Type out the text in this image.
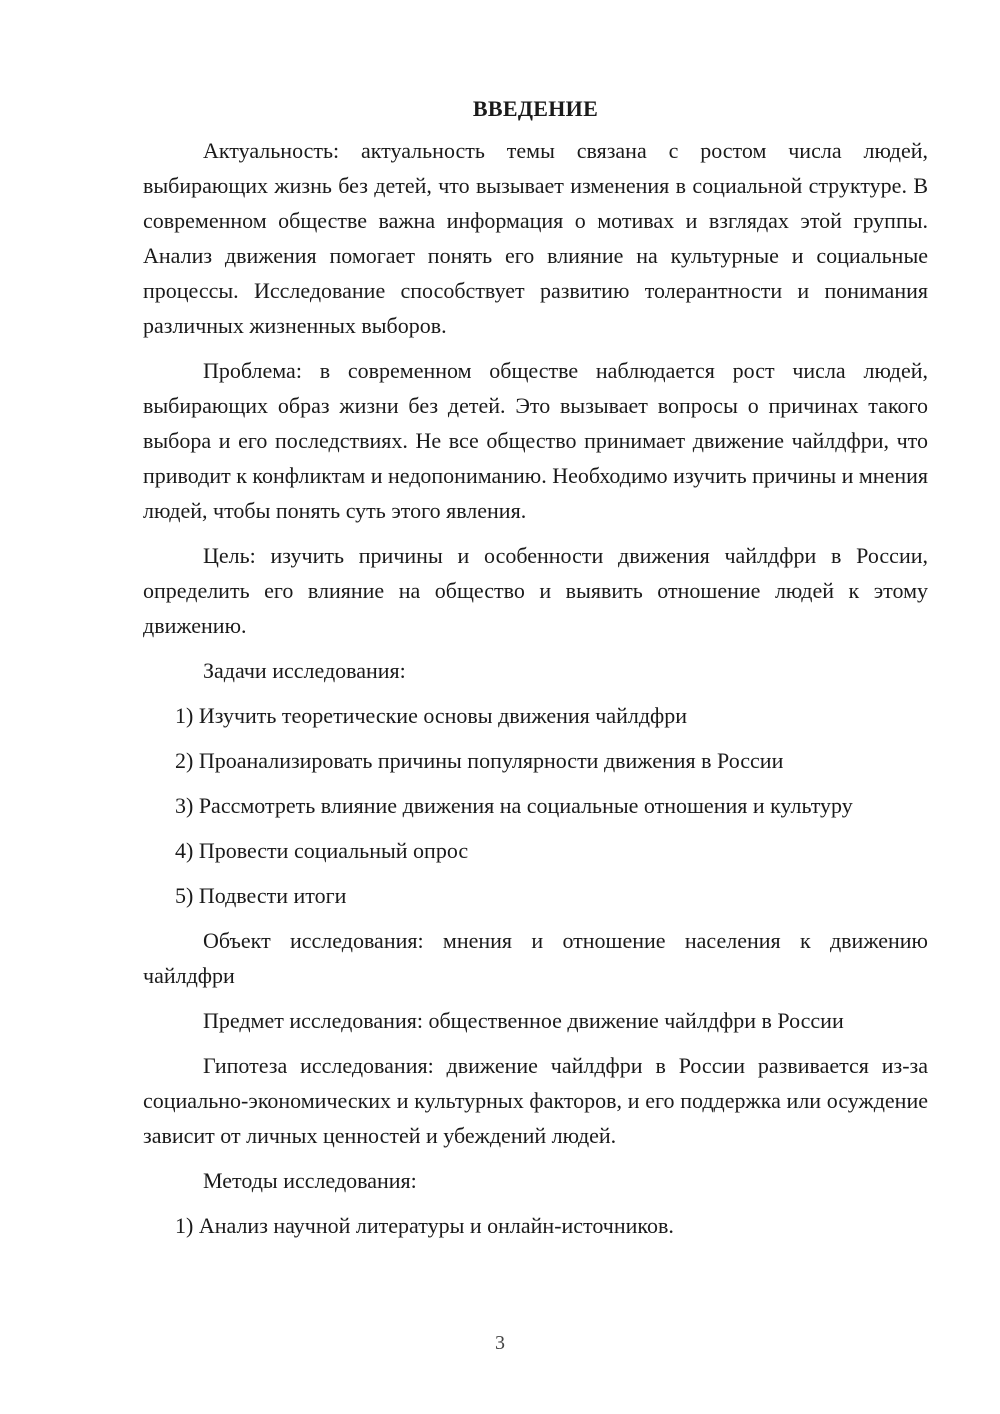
ВВЕДЕНИЕ

Актуальность: актуальность темы связана с ростом числа людей, выбирающих жизнь без детей, что вызывает изменения в социальной структуре. В современном обществе важна информация о мотивах и взглядах этой группы. Анализ движения помогает понять его влияние на культурные и социальные процессы. Исследование способствует развитию толерантности и понимания различных жизненных выборов.

Проблема: в современном обществе наблюдается рост числа людей, выбирающих образ жизни без детей. Это вызывает вопросы о причинах такого выбора и его последствиях. Не все общество принимает движение чайлдфри, что приводит к конфликтам и недопониманию. Необходимо изучить причины и мнения людей, чтобы понять суть этого явления.

Цель: изучить причины и особенности движения чайлдфри в России, определить его влияние на общество и выявить отношение людей к этому движению.

Задачи исследования:

1) Изучить теоретические основы движения чайлдфри

2) Проанализировать причины популярности движения в России

3) Рассмотреть влияние движения на социальные отношения и культуру

4) Провести социальный опрос

5) Подвести итоги

Объект исследования: мнения и отношение населения к движению чайлдфри

Предмет исследования: общественное движение чайлдфри в России

Гипотеза исследования: движение чайлдфри в России развивается из-за социально-экономических и культурных факторов, и его поддержка или осуждение зависит от личных ценностей и убеждений людей.

Методы исследования:

1) Анализ научной литературы и онлайн-источников.

3
